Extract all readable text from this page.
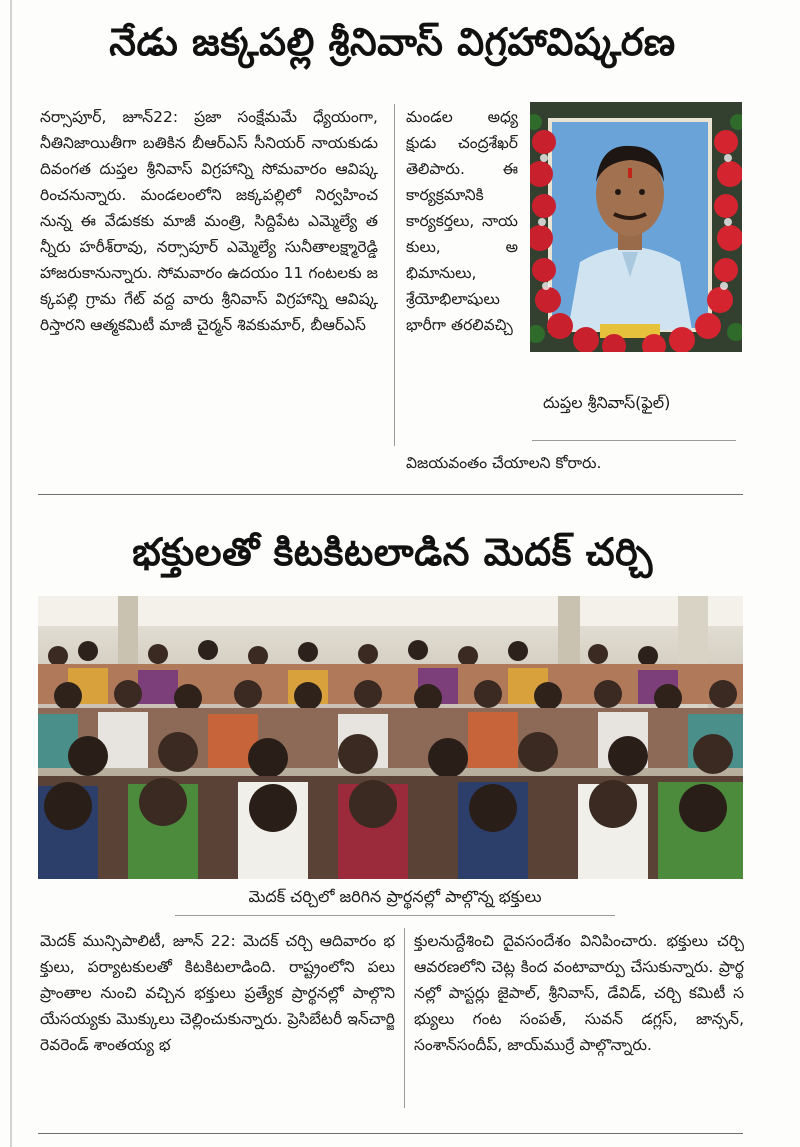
నేడు జక్కపల్లి శ్రీనివాస్ విగ్రహావిష్కరణ
నర్సాపూర్, జూన్22: ప్రజా సంక్షేమమే ధ్యేయంగా, నీతినిజాయితీగా బతికిన బీఆర్ఎస్ సీనియర్ నాయకుడు దివంగత దుప్తల శ్రీనివాస్ విగ్రహాన్ని సోమవారం ఆవిష్కరించనున్నారు. మండలంలోని జక్కపల్లిలో నిర్వహించనున్న ఈ వేడుకకు మాజీ మంత్రి, సిద్దిపేట ఎమ్మెల్యే తన్నీరు హరీశ్‌రావు, నర్సాపూర్ ఎమ్మెల్యే సునీతాలక్ష్మారెడ్డి హాజరుకానున్నారు. సోమవారం ఉదయం 11 గంటలకు జక్కపల్లి గ్రామ గేట్ వద్ద వారు శ్రీనివాస్ విగ్రహాన్ని ఆవిష్కరిస్తారని ఆత్మకమిటీ మాజీ చైర్మన్ శివకుమార్, బీఆర్ఎస్
మండల అధ్యక్షుడు చంద్రశేఖర్ తెలిపారు. ఈ కార్యక్రమానికి కార్యకర్తలు, నాయకులు, అభిమానులు, శ్రేయోభిలాషులు భారీగా తరలివచ్చి
దుప్తల శ్రీనివాస్(ఫైల్)
విజయవంతం చేయాలని కోరారు.
భక్తులతో కిటకిటలాడిన మెదక్ చర్చి
మెదక్ చర్చిలో జరిగిన ప్రార్థనల్లో పాల్గొన్న భక్తులు
మెదక్ మున్సిపాలిటీ, జూన్ 22: మెదక్ చర్చి ఆదివారం భక్తులు, పర్యాటకులతో కిటకిటలాడింది. రాష్ట్రంలోని పలు ప్రాంతాల నుంచి వచ్చిన భక్తులు ప్రత్యేక ప్రార్థనల్లో పాల్గొని యేసయ్యకు మొక్కులు చెల్లించుకున్నారు. ప్రెసిబేటరీ ఇన్‌చార్జి రెవరెండ్ శాంతయ్య భ
క్తులనుద్దేశించి దైవసందేశం వినిపించారు. భక్తులు చర్చి ఆవరణలోని చెట్ల కింద వంటావార్పు చేసుకున్నారు. ప్రార్థనల్లో పాస్టర్లు జైపాల్, శ్రీనివాస్, డేవిడ్, చర్చి కమిటీ సభ్యులు గంట సంపత్, సువన్ డగ్లస్, జాన్సన్, సంశాన్‌సందీప్, జాయ్‌ముర్రే పాల్గొన్నారు.
